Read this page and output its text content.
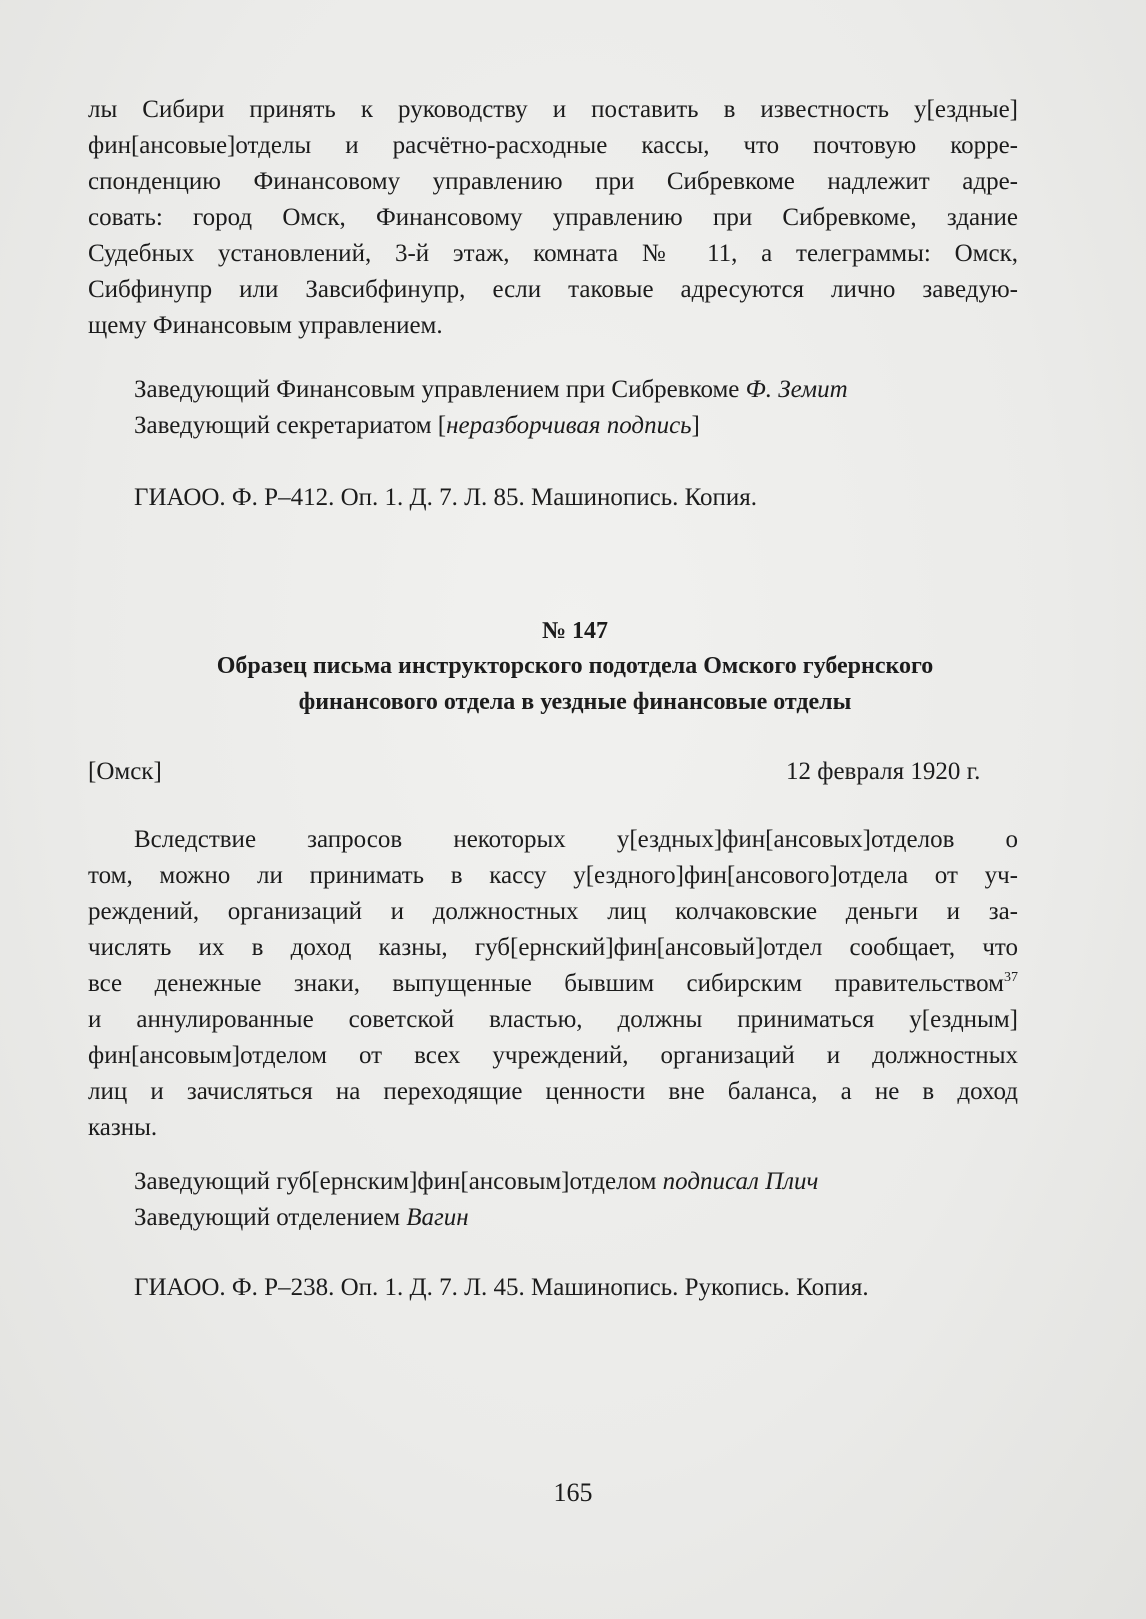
лы Сибири принять к руководству и поставить в известность у[ездные]
фин[ансовые]отделы и расчётно-расходные кассы, что почтовую корре-
спонденцию Финансовому управлению при Сибревкоме надлежит адре-
совать: город Омск, Финансовому управлению при Сибревкоме, здание
Судебных установлений, 3-й этаж, комната № 11, а телеграммы: Омск,
Сибфинупр или Завсибфинупр, если таковые адресуются лично заведую-
щему Финансовым управлением.
Заведующий Финансовым управлением при Сибревкоме Ф. Земит
Заведующий секретариатом [неразборчивая подпись]
ГИАОО. Ф. Р–412. Оп. 1. Д. 7. Л. 85. Машинопись. Копия.
№ 147
Образец письма инструкторского подотдела Омского губернского
финансового отдела в уездные финансовые отделы
[Омск]	12 февраля 1920 г.
Вследствие запросов некоторых у[ездных]фин[ансовых]отделов о
том, можно ли принимать в кассу у[ездного]фин[ансового]отдела от уч-
реждений, организаций и должностных лиц колчаковские деньги и за-
числять их в доход казны, губ[ернский]фин[ансовый]отдел сообщает, что
все денежные знаки, выпущенные бывшим сибирским правительством$^{37}$
и аннулированные советской властью, должны приниматься у[ездным]
фин[ансовым]отделом от всех учреждений, организаций и должностных
лиц и зачисляться на переходящие ценности вне баланса, а не в доход
казны.
Заведующий губ[ернским]фин[ансовым]отделом подписал Плич
Заведующий отделением Вагин
ГИАОО. Ф. Р–238. Оп. 1. Д. 7. Л. 45. Машинопись. Рукопись. Копия.
165
